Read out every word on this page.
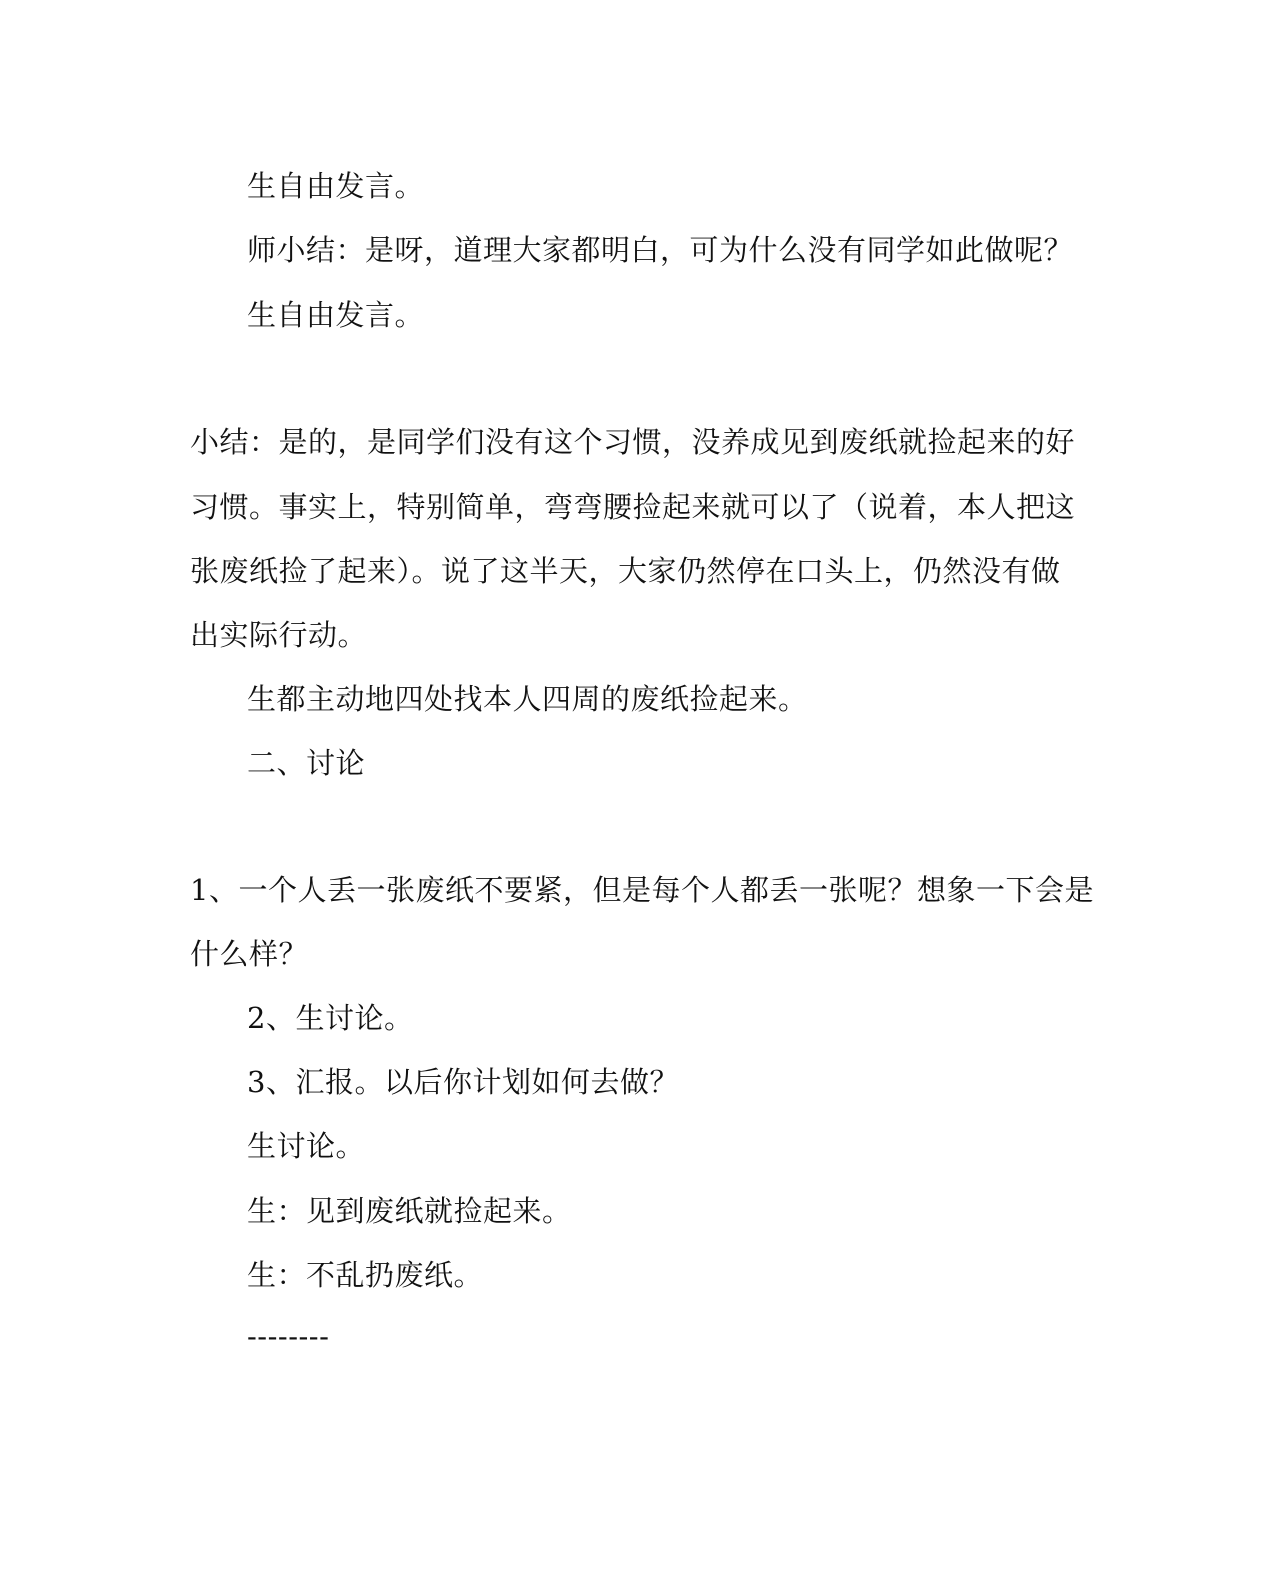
生自由发言。
师小结：是呀，道理大家都明白，可为什么没有同学如此做呢？
生自由发言。
小结：是的，是同学们没有这个习惯，没养成见到废纸就捡起来的好
习惯。事实上，特别简单，弯弯腰捡起来就可以了（说着，本人把这
张废纸捡了起来）。说了这半天，大家仍然停在口头上，仍然没有做
出实际行动。
生都主动地四处找本人四周的废纸捡起来。
二、讨论
1、一个人丢一张废纸不要紧，但是每个人都丢一张呢？想象一下会是
什么样？
2、生讨论。
3、汇报。以后你计划如何去做？
生讨论。
生：见到废纸就捡起来。
生：不乱扔废纸。
--------
